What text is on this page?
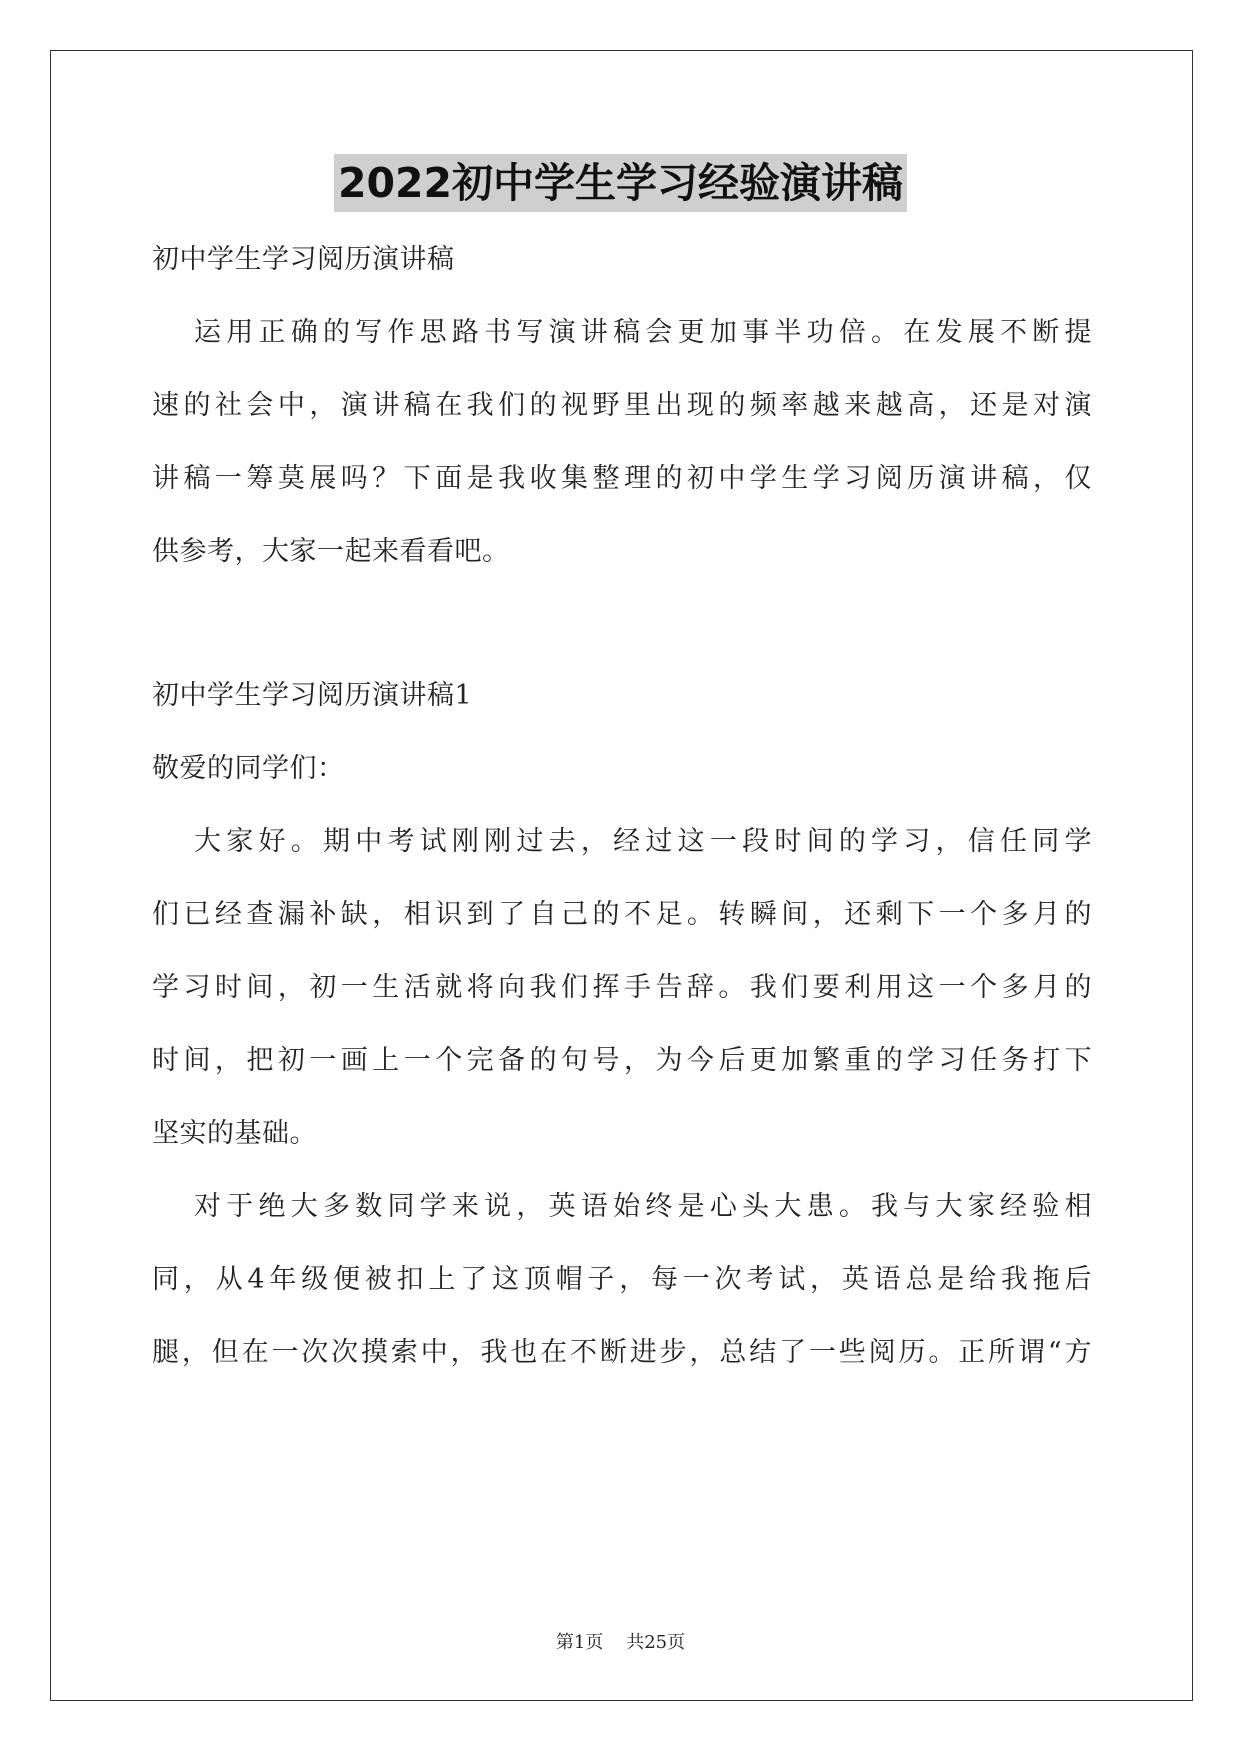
2022初中学生学习经验演讲稿
初中学生学习阅历演讲稿
运用正确的写作思路书写演讲稿会更加事半功倍。在发展不断提
速的社会中，演讲稿在我们的视野里出现的频率越来越高，还是对演
讲稿一筹莫展吗？下面是我收集整理的初中学生学习阅历演讲稿，仅
供参考，大家一起来看看吧。
初中学生学习阅历演讲稿1
敬爱的同学们：
大家好。期中考试刚刚过去，经过这一段时间的学习，信任同学
们已经查漏补缺，相识到了自己的不足。转瞬间，还剩下一个多月的
学习时间，初一生活就将向我们挥手告辞。我们要利用这一个多月的
时间，把初一画上一个完备的句号，为今后更加繁重的学习任务打下
坚实的基础。
对于绝大多数同学来说，英语始终是心头大患。我与大家经验相
同，从4年级便被扣上了这顶帽子，每一次考试，英语总是给我拖后
腿，但在一次次摸索中，我也在不断进步，总结了一些阅历。正所谓“方
第1页 共25页
